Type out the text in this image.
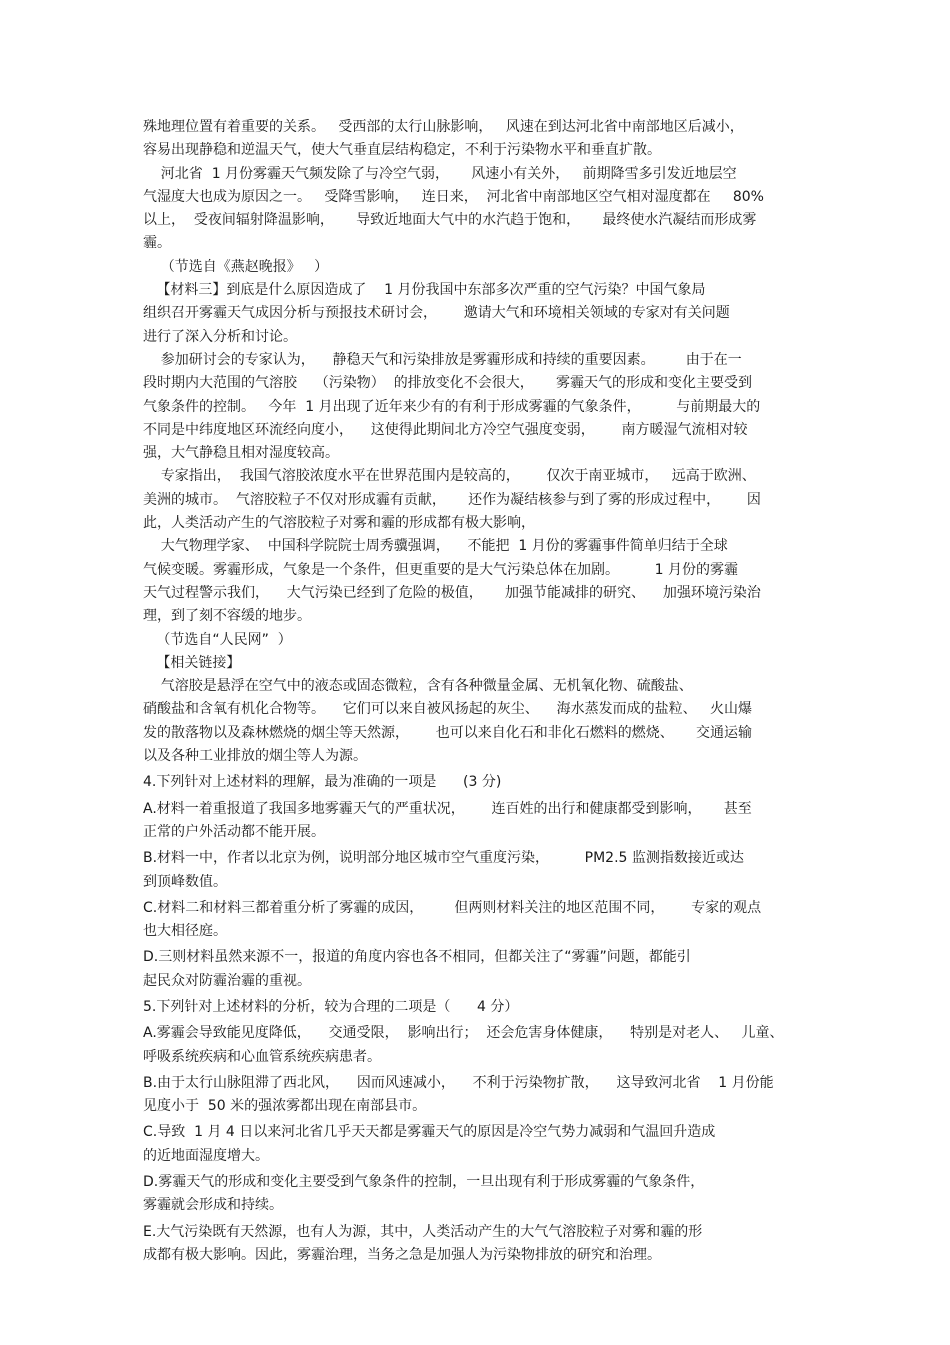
殊地理位置有着重要的关系。   受西部的太行山脉影响，   风速在到达河北省中南部地区后减小，
容易出现静稳和逆温天气，使大气垂直层结构稳定，不利于污染物水平和垂直扩散。
河北省  1 月份雾霾天气频发除了与冷空气弱，     风速小有关外，   前期降雪多引发近地层空
气湿度大也成为原因之一。   受降雪影响，   连日来，  河北省中南部地区空气相对湿度都在     80%
以上，  受夜间辐射降温影响，     导致近地面大气中的水汽趋于饱和，     最终使水汽凝结而形成雾
霾。
（节选自《燕赵晚报》   ）
【材料三】到底是什么原因造成了    1 月份我国中东部多次严重的空气污染？中国气象局
组织召开雾霾天气成因分析与预报技术研讨会，      邀请大气和环境相关领域的专家对有关问题
进行了深入分析和讨论。
参加研讨会的专家认为，    静稳天气和污染排放是雾霾形成和持续的重要因素。       由于在一
段时期内大范围的气溶胶    （污染物）  的排放变化不会很大，     雾霾天气的形成和变化主要受到
气象条件的控制。   今年  1 月出现了近年来少有的有利于形成雾霾的气象条件，        与前期最大的
不同是中纬度地区环流经向度小，    这使得此期间北方冷空气强度变弱，      南方暖湿气流相对较
强，大气静稳且相对湿度较高。
专家指出，  我国气溶胶浓度水平在世界范围内是较高的，      仅次于南亚城市，   远高于欧洲、
美洲的城市。  气溶胶粒子不仅对形成霾有贡献，     还作为凝结核参与到了雾的形成过程中，      因
此，人类活动产生的气溶胶粒子对雾和霾的形成都有极大影响，
大气物理学家、  中国科学院院士周秀骥强调，    不能把  1 月份的雾霾事件简单归结于全球
气候变暖。雾霾形成，气象是一个条件，但更重要的是大气污染总体在加剧。        1 月份的雾霾
天气过程警示我们，    大气污染已经到了危险的极值，     加强节能减排的研究、    加强环境污染治
理，到了刻不容缓的地步。
（节选自“人民网”  ）
【相关链接】
气溶胶是悬浮在空气中的液态或固态微粒，含有各种微量金属、无机氧化物、硫酸盐、
硝酸盐和含氧有机化合物等。    它们可以来自被风扬起的灰尘、    海水蒸发而成的盐粒、   火山爆
发的散落物以及森林燃烧的烟尘等天然源，      也可以来自化石和非化石燃料的燃烧、     交通运输
以及各种工业排放的烟尘等人为源。
4.下列针对上述材料的理解，最为准确的一项是      (3 分)
A.材料一着重报道了我国多地雾霾天气的严重状况，      连百姓的出行和健康都受到影响，     甚至
正常的户外活动都不能开展。
B.材料一中，作者以北京为例，说明部分地区城市空气重度污染，        PM2.5 监测指数接近或达
到顶峰数值。
C.材料二和材料三都着重分析了雾霾的成因，       但两则材料关注的地区范围不同，      专家的观点
也大相径庭。
D.三则材料虽然来源不一，报道的角度内容也各不相同，但都关注了“雾霾”问题，都能引
起民众对防霾治霾的重视。
5.下列针对上述材料的分析，较为合理的二项是（      4 分）
A.雾霾会导致能见度降低，    交通受限，  影响出行；  还会危害身体健康，    特别是对老人、   儿童、
呼吸系统疾病和心血管系统疾病患者。
B.由于太行山脉阻滞了西北风，    因而风速减小，    不利于污染物扩散，    这导致河北省    1 月份能
见度小于  50 米的强浓雾都出现在南部县市。
C.导致  1 月 4 日以来河北省几乎天天都是雾霾天气的原因是冷空气势力减弱和气温回升造成
的近地面湿度增大。
D.雾霾天气的形成和变化主要受到气象条件的控制，一旦出现有利于形成雾霾的气象条件，
雾霾就会形成和持续。
E.大气污染既有天然源，也有人为源，其中，人类活动产生的大气气溶胶粒子对雾和霾的形
成都有极大影响。因此，雾霾治理，当务之急是加强人为污染物排放的研究和治理。
